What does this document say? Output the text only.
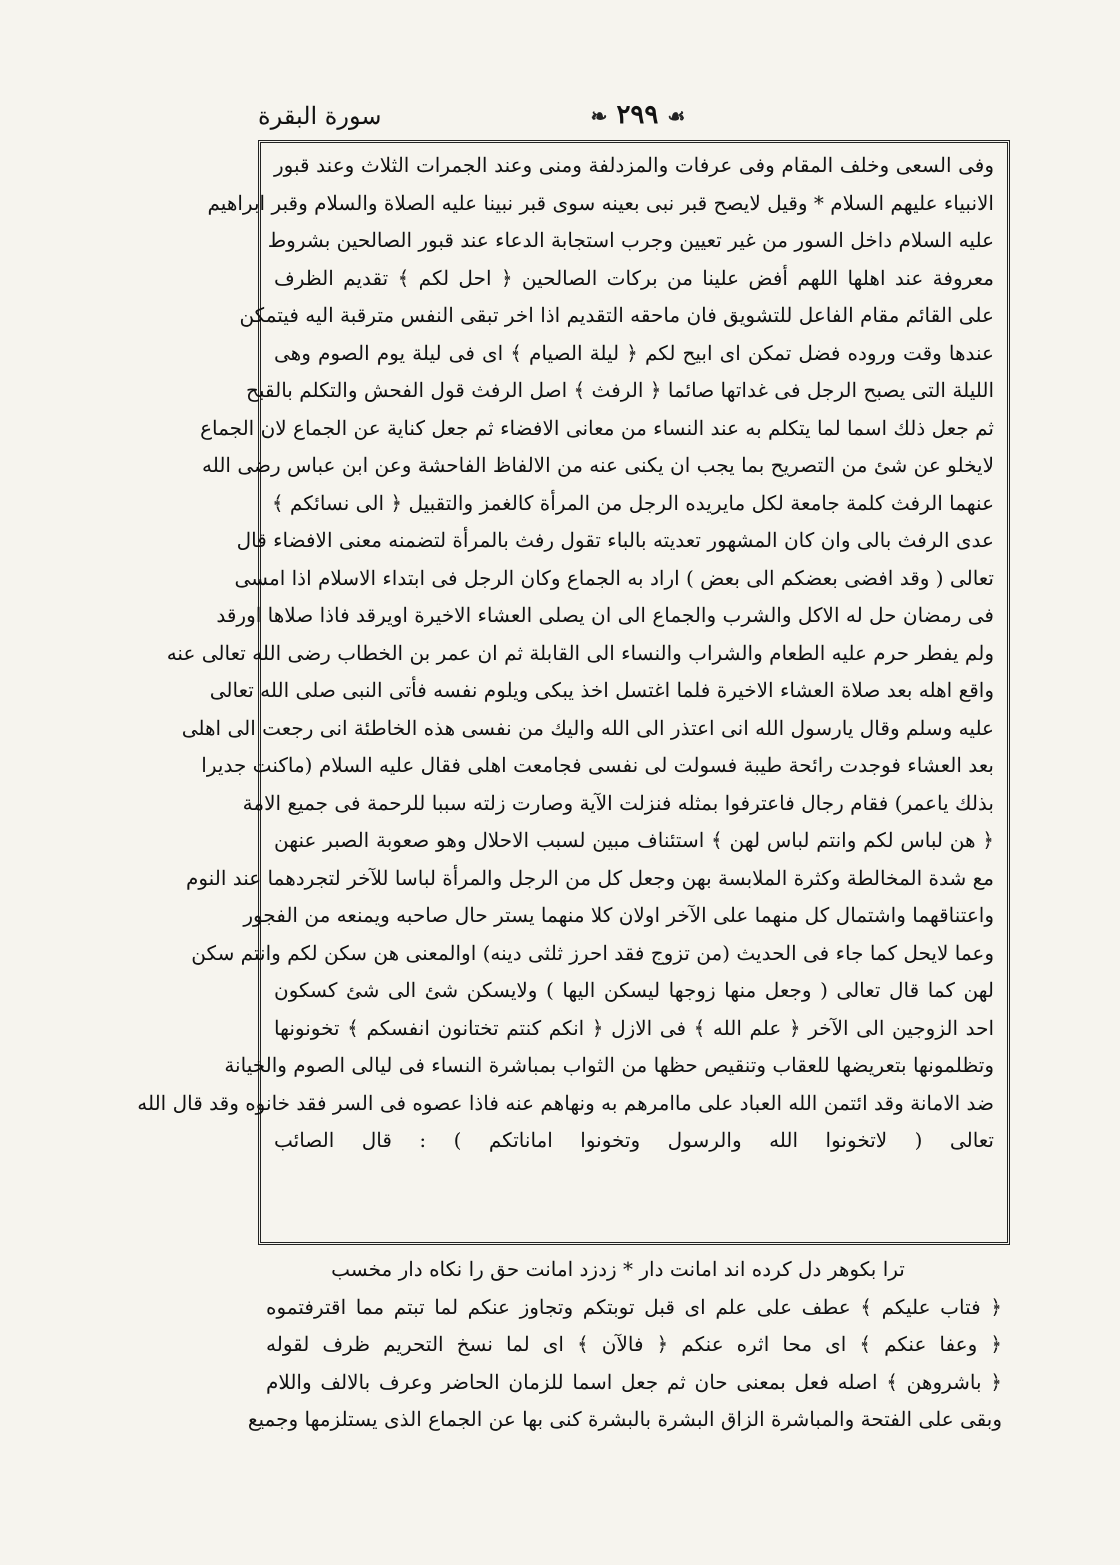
سورة البقرة	❧ ٢٩٩ ☙
وفى السعى وخلف المقام وفى عرفات والمزدلفة ومنى وعند الجمرات الثلاث وعند قبور
الانبياء عليهم السلام * وقيل لايصح قبر نبى بعينه سوى قبر نبينا عليه الصلاة والسلام وقبر ابراهيم
عليه السلام داخل السور من غير تعيين وجرب استجابة الدعاء عند قبور الصالحين بشروط
معروفة عند اهلها اللهم أفض علينا من بركات الصالحين ﴿ احل لكم ﴾ تقديم الظرف
على القائم مقام الفاعل للتشويق فان ماحقه التقديم اذا اخر تبقى النفس مترقبة اليه فيتمكن
عندها وقت وروده فضل تمكن اى ابيح لكم ﴿ ليلة الصيام ﴾ اى فى ليلة يوم الصوم وهى
الليلة التى يصبح الرجل فى غداتها صائما ﴿ الرفث ﴾ اصل الرفث قول الفحش والتكلم بالقبح
ثم جعل ذلك اسما لما يتكلم به عند النساء من معانى الافضاء ثم جعل كناية عن الجماع لان الجماع
لايخلو عن شئ من التصريح بما يجب ان يكنى عنه من الالفاظ الفاحشة وعن ابن عباس رضى الله
عنهما الرفث كلمة جامعة لكل مايريده الرجل من المرأة كالغمز والتقبيل ﴿ الى نسائكم ﴾
عدى الرفث بالى وان كان المشهور تعديته بالباء تقول رفث بالمرأة لتضمنه معنى الافضاء قال
تعالى ( وقد افضى بعضكم الى بعض ) اراد به الجماع وكان الرجل فى ابتداء الاسلام اذا امسى
فى رمضان حل له الاكل والشرب والجماع الى ان يصلى العشاء الاخيرة اويرقد فاذا صلاها اورقد
ولم يفطر حرم عليه الطعام والشراب والنساء الى القابلة ثم ان عمر بن الخطاب رضى الله تعالى عنه
واقع اهله بعد صلاة العشاء الاخيرة فلما اغتسل اخذ يبكى ويلوم نفسه فأتى النبى صلى الله تعالى
عليه وسلم وقال يارسول الله انى اعتذر الى الله واليك من نفسى هذه الخاطئة انى رجعت الى اهلى
بعد العشاء فوجدت رائحة طيبة فسولت لى نفسى فجامعت اهلى فقال عليه السلام (ماكنت جديرا
بذلك ياعمر) فقام رجال فاعترفوا بمثله فنزلت الآية وصارت زلته سببا للرحمة فى جميع الامة
﴿ هن لباس لكم وانتم لباس لهن ﴾ استئناف مبين لسبب الاحلال وهو صعوبة الصبر عنهن
مع شدة المخالطة وكثرة الملابسة بهن وجعل كل من الرجل والمرأة لباسا للآخر لتجردهما عند النوم
واعتناقهما واشتمال كل منهما على الآخر اولان كلا منهما يستر حال صاحبه ويمنعه من الفجور
وعما لايحل كما جاء فى الحديث (من تزوج فقد احرز ثلثى دينه) اوالمعنى هن سكن لكم وانتم سكن
لهن كما قال تعالى ( وجعل منها زوجها ليسكن اليها ) ولايسكن شئ الى شئ كسكون
احد الزوجين الى الآخر ﴿ علم الله ﴾ فى الازل ﴿ انكم كنتم تختانون انفسكم ﴾ تخونونها
وتظلمونها بتعريضها للعقاب وتنقيص حظها من الثواب بمباشرة النساء فى ليالى الصوم والخيانة
ضد الامانة وقد ائتمن الله العباد على ماامرهم به ونهاهم عنه فاذا عصوه فى السر فقد خانوه وقد قال الله
تعالى ( لاتخونوا الله والرسول وتخونوا اماناتكم ) : قال الصائب
ترا بكوهر دل كرده اند امانت دار * زدزد امانت حق را نكاه دار مخسب
﴿ فتاب عليكم ﴾ عطف على علم اى قبل توبتكم وتجاوز عنكم لما تبتم مما اقترفتموه
﴿ وعفا عنكم ﴾ اى محا اثره عنكم ﴿ فالآن ﴾ اى لما نسخ التحريم ظرف لقوله
﴿ باشروهن ﴾ اصله فعل بمعنى حان ثم جعل اسما للزمان الحاضر وعرف بالالف واللام
وبقى على الفتحة والمباشرة الزاق البشرة بالبشرة كنى بها عن الجماع الذى يستلزمها وجميع
